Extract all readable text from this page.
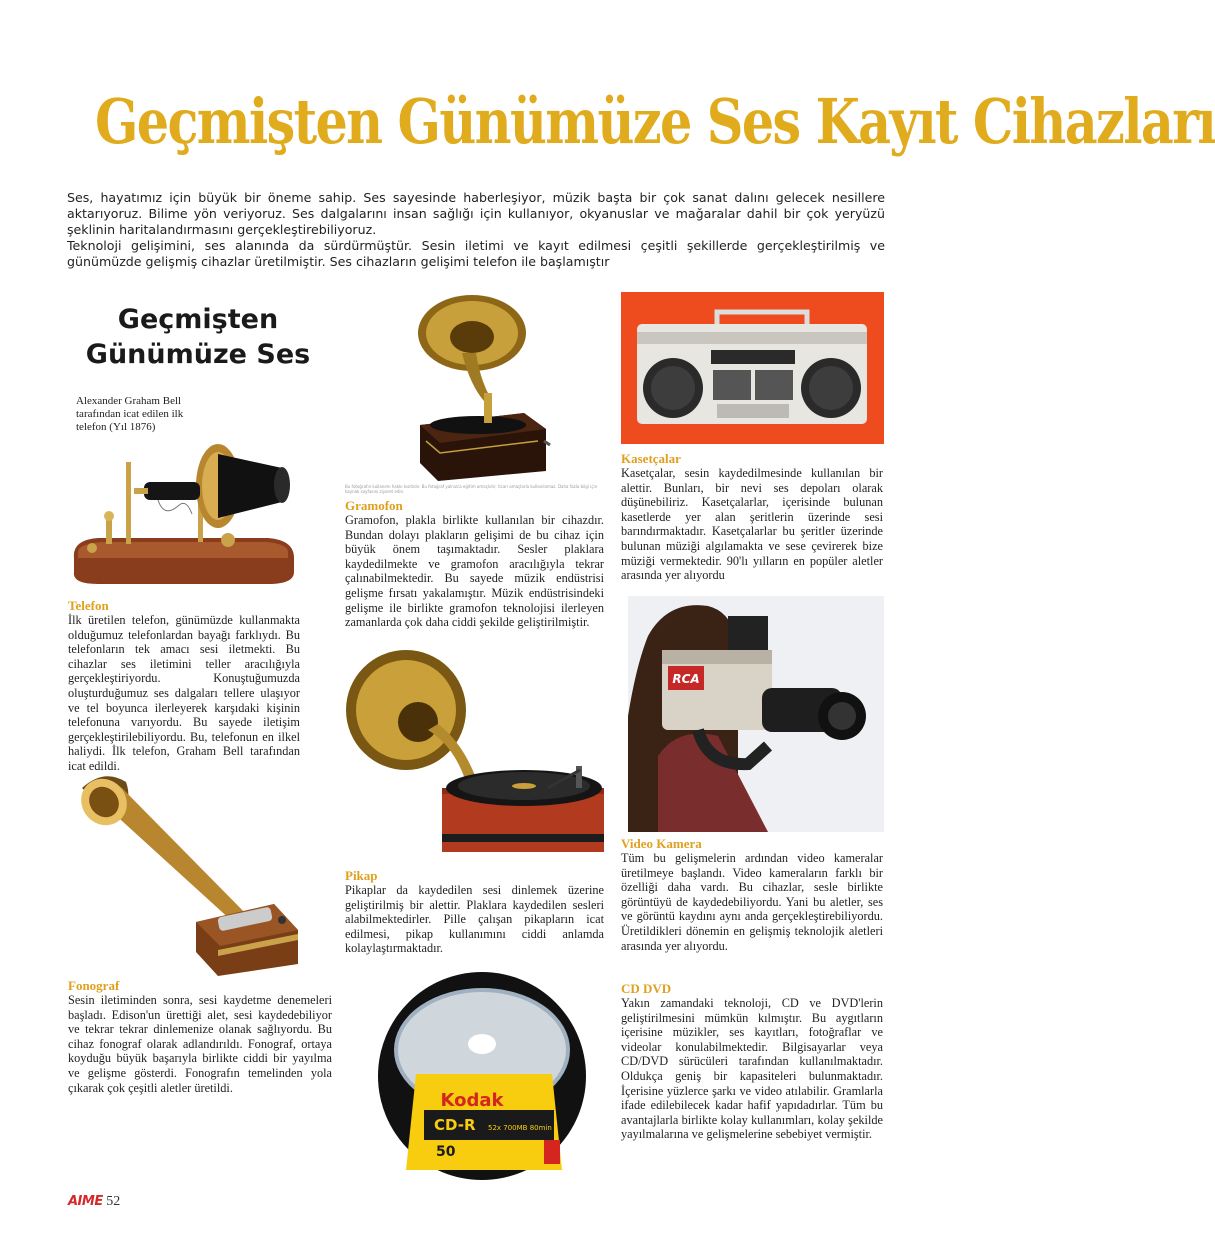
Geçmişten Günümüze Ses Kayıt Cihazları

Ses, hayatımız için büyük bir öneme sahip. Ses sayesinde haberleşiyor, müzik başta bir çok sanat dalını gelecek nesillere aktarıyoruz. Bilime yön veriyoruz. Ses dalgalarını insan sağlığı için kullanıyor, okyanuslar ve mağaralar dahil bir çok yeryüzü şeklinin haritalandırmasını gerçekleştirebiliyoruz.

Teknoloji gelişimini, ses alanında da sürdürmüştür. Sesin iletimi ve kayıt edilmesi çeşitli şekillerde gerçekleştirilmiş ve günümüzde gelişmiş cihazlar üretilmiştir. Ses cihazların gelişimi telefon ile başlamıştır

Geçmişten
Günümüze Ses
Alexander Graham Bell tarafından icat edilen ilk telefon (Yıl 1876)

Telefon

İlk üretilen telefon, günümüzde kullanmakta olduğumuz telefonlardan bayağı farklıydı. Bu telefonların tek amacı sesi iletmekti. Bu cihazlar ses iletimini teller aracılığıyla gerçekleştiriyordu. Konuştuğumuzda oluşturduğumuz ses dalgaları tellere ulaşıyor ve tel boyunca ilerleyerek karşıdaki kişinin telefonuna varıyordu. Bu sayede iletişim gerçekleştirilebiliyordu. Bu, telefonun en ilkel haliydi. İlk telefon, Graham Bell tarafından icat edildi.

Fonograf

Sesin iletiminden sonra, sesi kaydetme denemeleri başladı. Edison'un ürettiği alet, sesi kaydedebiliyor ve tekrar tekrar dinlemenize olanak sağlıyordu. Bu cihaz fonograf olarak adlandırıldı. Fonograf, ortaya koyduğu büyük başarıyla birlikte ciddi bir yayılma ve gelişme gösterdi. Fonografın temelinden yola çıkarak çok çeşitli aletler üretildi.

Bu fotoğrafın kullanımı hakkı kısıtlıdır. Bu fotoğraf yalnızca eğitim amaçlıdır, ticari amaçlarla kullanılamaz. Daha fazla bilgi için kaynak sayfasını ziyaret edin.

Gramofon

Gramofon, plakla birlikte kullanılan bir cihazdır. Bundan dolayı plakların gelişimi de bu cihaz için büyük önem taşımaktadır. Sesler plaklara kaydedilmekte ve gramofon aracılığıyla tekrar çalınabilmektedir. Bu sayede müzik endüstrisi gelişme fırsatı yakalamıştır. Müzik endüstrisindeki gelişme ile birlikte gramofon teknolojisi ilerleyen zamanlarda çok daha ciddi şekilde geliştirilmiştir.

Pikap

Pikaplar da kaydedilen sesi dinlemek üzerine geliştirilmiş bir alettir. Plaklara kaydedilen sesleri alabilmektedirler. Pille çalışan pikapların icat edilmesi, pikap kullanımını ciddi anlamda kolaylaştırmaktadır.

Kodak
CD-R 52x 700MB 80min
50

Kasetçalar

Kasetçalar, sesin kaydedilmesinde kullanılan bir alettir. Bunları, bir nevi ses depoları olarak düşünebiliriz. Kasetçalarlar, içerisinde bulunan kasetlerde yer alan şeritlerin üzerinde sesi barındırmaktadır. Kasetçalarlar bu şeritler üzerinde bulunan müziği algılamakta ve sese çevirerek bize müziği vermektedir. 90'lı yılların en popüler aletler arasında yer alıyordu

RCA

Video Kamera

Tüm bu gelişmelerin ardından video kameralar üretilmeye başlandı. Video kameraların farklı bir özelliği daha vardı. Bu cihazlar, sesle birlikte görüntüyü de kaydedebiliyordu. Yani bu aletler, ses ve görüntü kaydını aynı anda gerçekleştirebiliyordu. Üretildikleri dönemin en gelişmiş teknolojik aletleri arasında yer alıyordu.

CD DVD

Yakın zamandaki teknoloji, CD ve DVD'lerin geliştirilmesini mümkün kılmıştır. Bu aygıtların içerisine müzikler, ses kayıtları, fotoğraflar ve videolar konulabilmektedir. Bilgisayarlar veya CD/DVD sürücüleri tarafından kullanılmaktadır. Oldukça geniş bir kapasiteleri bulunmaktadır. İçerisine yüzlerce şarkı ve video atılabilir. Gramlarla ifade edilebilecek kadar hafif yapıdadırlar. Tüm bu avantajlarla birlikte kolay kullanımları, kolay şekilde yayılmalarına ve gelişmelerine sebebiyet vermiştir.

AIME 52
